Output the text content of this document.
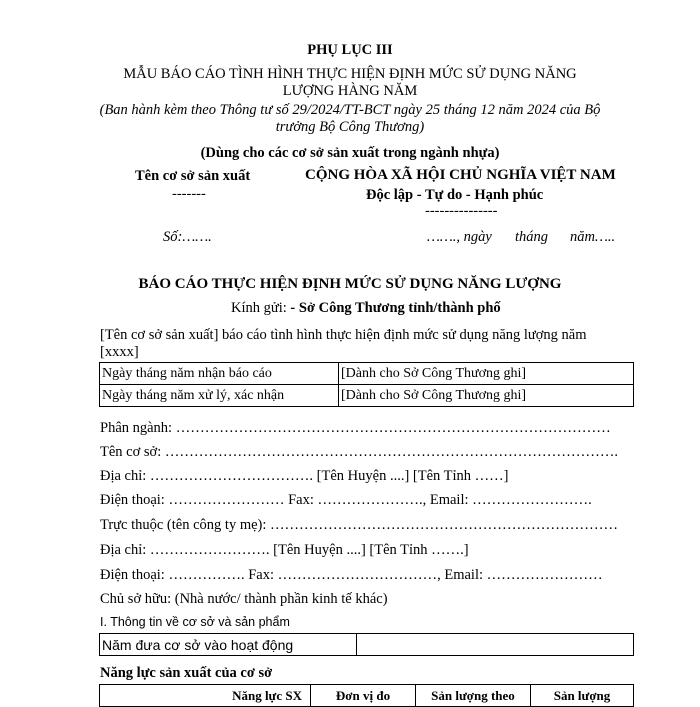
PHỤ LỤC III
MẪU BÁO CÁO TÌNH HÌNH THỰC HIỆN ĐỊNH MỨC SỬ DỤNG NĂNG
LƯỢNG HÀNG NĂM
(Ban hành kèm theo Thông tư số 29/2024/TT-BCT ngày 25 tháng 12 năm 2024 của Bộ
trưởng Bộ Công Thương)
(Dùng cho các cơ sở sản xuất trong ngành nhựa)
Tên cơ sở sản xuất
-------
Số:…….
CỘNG HÒA XÃ HỘI CHỦ NGHĨA VIỆT NAM
Độc lập - Tự do - Hạnh phúc
---------------
……., ngày tháng năm…..
BÁO CÁO THỰC HIỆN ĐỊNH MỨC SỬ DỤNG NĂNG LƯỢNG
Kính gửi: - Sở Công Thương tỉnh/thành phố
[Tên cơ sở sản xuất] báo cáo tình hình thực hiện định mức sử dụng năng lượng năm
[xxxx]
Ngày tháng năm nhận báo cáo	[Dành cho Sở Công Thương ghi]
Ngày tháng năm xử lý, xác nhận	[Dành cho Sở Công Thương ghi]
Phân ngành: ………………………………………………………………………………
Tên cơ sở: ………………………………………………………………………………….
Địa chỉ: ……………………………. [Tên Huyện ....] [Tên Tỉnh ……]
Điện thoại: …………………… Fax: …………………., Email: …………………….
Trực thuộc (tên công ty mẹ): ………………………………………………………………
Địa chỉ: ……………………. [Tên Huyện ....] [Tên Tỉnh …….]
Điện thoại: ……………. Fax: ……………………………, Email: ……………………
Chủ sở hữu: (Nhà nước/ thành phần kinh tế khác)
I. Thông tin về cơ sở và sản phẩm
Năm đưa cơ sở vào hoạt động	
Năng lực sản xuất của cơ sở
Năng lực SX	Đơn vị đo	Sản lượng theo	Sản lượng
